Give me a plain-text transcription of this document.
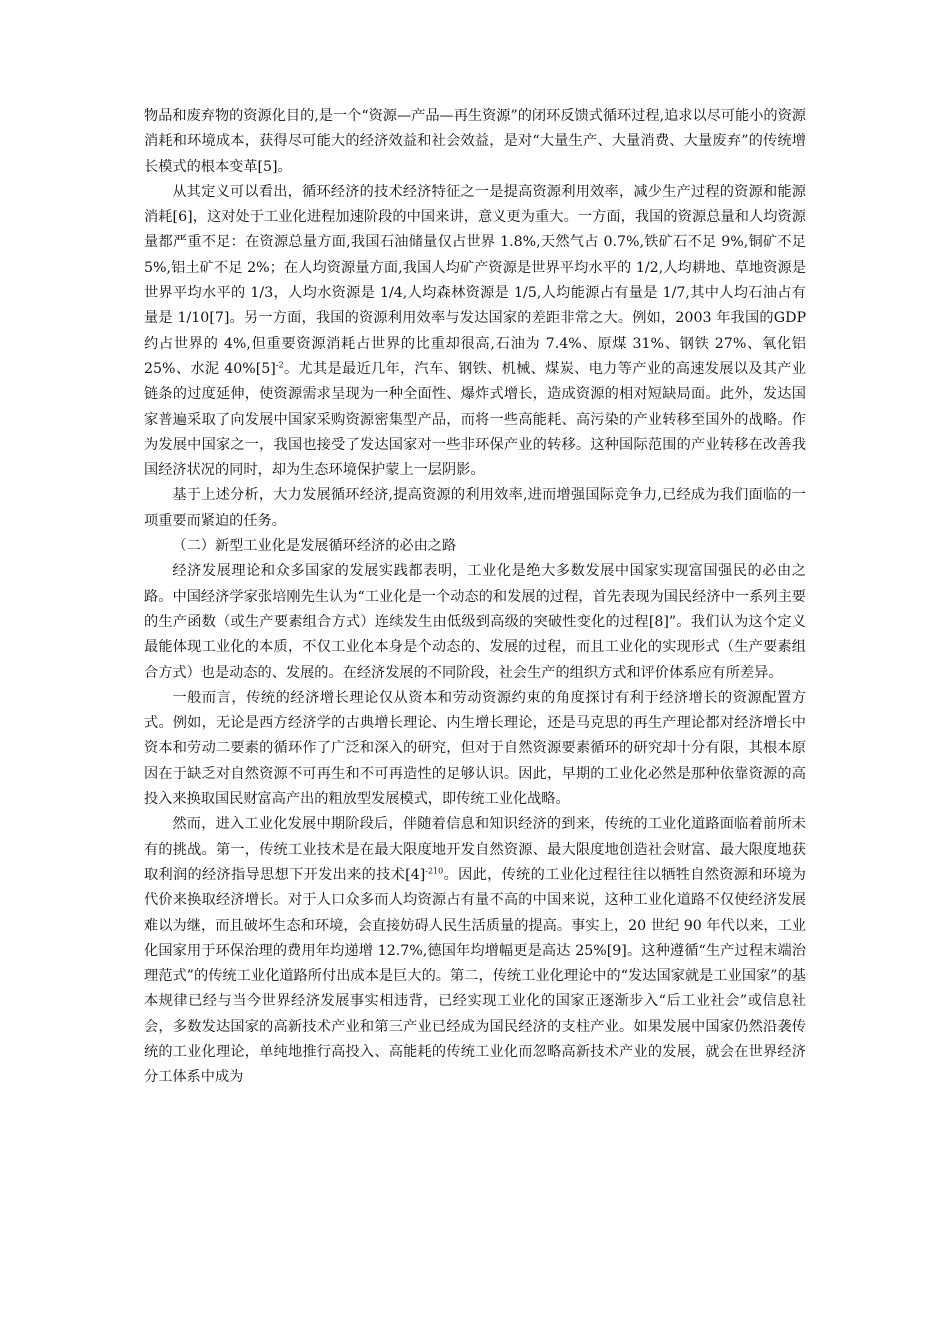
物品和废弃物的资源化目的,是一个“资源—产品—再生资源”的闭环反馈式循环过程,追求以尽可能小的资源消耗和环境成本，获得尽可能大的经济效益和社会效益，是对“大量生产、大量消费、大量废弃”的传统增长模式的根本变革[5]。

从其定义可以看出，循环经济的技术经济特征之一是提高资源利用效率，减少生产过程的资源和能源消耗[6]，这对处于工业化进程加速阶段的中国来讲，意义更为重大。一方面，我国的资源总量和人均资源量都严重不足：在资源总量方面,我国石油储量仅占世界 1.8%,天然气占 0.7%,铁矿石不足 9%,铜矿不足 5%,铝土矿不足 2%；在人均资源量方面,我国人均矿产资源是世界平均水平的 1/2,人均耕地、草地资源是世界平均水平的 1/3，人均水资源是 1/4,人均森林资源是 1/5,人均能源占有量是 1/7,其中人均石油占有量是 1/10[7]。另一方面，我国的资源利用效率与发达国家的差距非常之大。例如，2003 年我国的GDP 约占世界的 4%,但重要资源消耗占世界的比重却很高,石油为 7.4%、原煤 31%、钢铁 27%、氧化铝 25%、水泥 $40\%[5]^{-2}$。尤其是最近几年，汽车、钢铁、机械、煤炭、电力等产业的高速发展以及其产业链条的过度延伸，使资源需求呈现为一种全面性、爆炸式增长，造成资源的相对短缺局面。此外，发达国家普遍采取了向发展中国家采购资源密集型产品，而将一些高能耗、高污染的产业转移至国外的战略。作为发展中国家之一，我国也接受了发达国家对一些非环保产业的转移。这种国际范围的产业转移在改善我国经济状况的同时，却为生态环境保护蒙上一层阴影。

基于上述分析，大力发展循环经济,提高资源的利用效率,进而增强国际竞争力,已经成为我们面临的一项重要而紧迫的任务。

（二）新型工业化是发展循环经济的必由之路

经济发展理论和众多国家的发展实践都表明，工业化是绝大多数发展中国家实现富国强民的必由之路。中国经济学家张培刚先生认为“工业化是一个动态的和发展的过程，首先表现为国民经济中一系列主要的生产函数（或生产要素组合方式）连续发生由低级到高级的突破性变化的过程[8]”。我们认为这个定义最能体现工业化的本质，不仅工业化本身是个动态的、发展的过程，而且工业化的实现形式（生产要素组合方式）也是动态的、发展的。在经济发展的不同阶段，社会生产的组织方式和评价体系应有所差异。

一般而言，传统的经济增长理论仅从资本和劳动资源约束的角度探讨有利于经济增长的资源配置方式。例如，无论是西方经济学的古典增长理论、内生增长理论，还是马克思的再生产理论都对经济增长中资本和劳动二要素的循环作了广泛和深入的研究，但对于自然资源要素循环的研究却十分有限，其根本原因在于缺乏对自然资源不可再生和不可再造性的足够认识。因此，早期的工业化必然是那种依靠资源的高投入来换取国民财富高产出的粗放型发展模式，即传统工业化战略。

然而，进入工业化发展中期阶段后，伴随着信息和知识经济的到来，传统的工业化道路面临着前所未有的挑战。第一，传统工业技术是在最大限度地开发自然资源、最大限度地创造社会财富、最大限度地获取利润的经济指导思想下开发出来的技术$[4]^{-210}$。因此，传统的工业化过程往往以牺牲自然资源和环境为代价来换取经济增长。对于人口众多而人均资源占有量不高的中国来说，这种工业化道路不仅使经济发展难以为继，而且破坏生态和环境，会直接妨碍人民生活质量的提高。事实上，20 世纪 90 年代以来，工业化国家用于环保治理的费用年均递增 12.7%,德国年均增幅更是高达 25%[9]。这种遵循“生产过程末端治理范式”的传统工业化道路所付出成本是巨大的。第二，传统工业化理论中的“发达国家就是工业国家”的基本规律已经与当今世界经济发展事实相违背，已经实现工业化的国家正逐渐步入“后工业社会”或信息社会，多数发达国家的高新技术产业和第三产业已经成为国民经济的支柱产业。如果发展中国家仍然沿袭传统的工业化理论，单纯地推行高投入、高能耗的传统工业化而忽略高新技术产业的发展，就会在世界经济分工体系中成为
